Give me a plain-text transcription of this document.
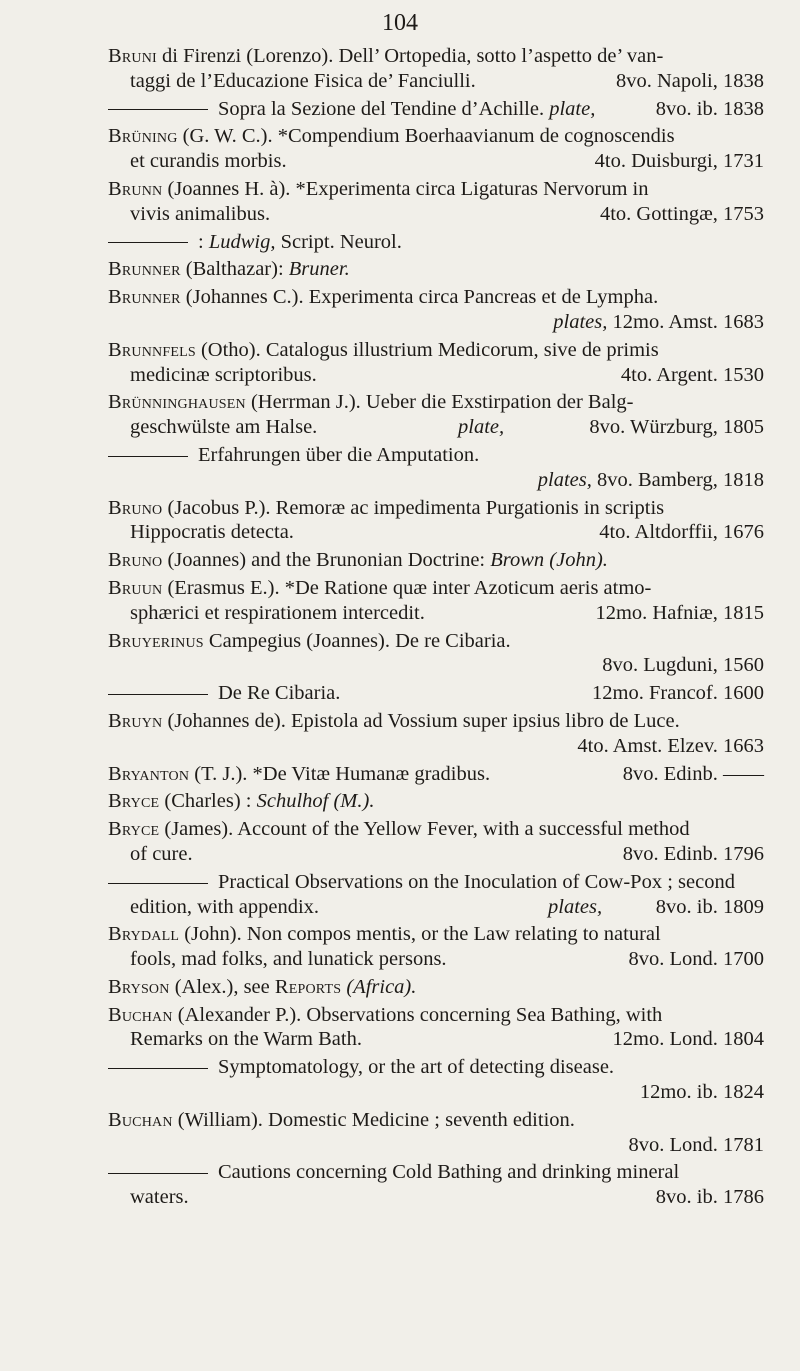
104
Bruni di Firenzi (Lorenzo). Dell’ Ortopedia, sotto l’aspetto de’ van-
taggi de l’Educazione Fisica de’ Fanciulli.	8vo. Napoli, 1838
Sopra la Sezione del Tendine d’Achille. plate,	8vo. ib. 1838
Brüning (G. W. C.). *Compendium Boerhaavianum de cognoscendis
et curandis morbis.	4to. Duisburgi, 1731
Brunn (Joannes H. à). *Experimenta circa Ligaturas Nervorum in
vivis animalibus.	4to. Gottingæ, 1753
: Ludwig, Script. Neurol.
Brunner (Balthazar): Bruner.
Brunner (Johannes C.). Experimenta circa Pancreas et de Lympha.
plates, 12mo. Amst. 1683
Brunnfels (Otho). Catalogus illustrium Medicorum, sive de primis
medicinæ scriptoribus.	4to. Argent. 1530
Brünninghausen (Herrman J.). Ueber die Exstirpation der Balg-
geschwülste am Halse.	plate,	8vo. Würzburg, 1805
Erfahrungen über die Amputation.
plates, 8vo. Bamberg, 1818
Bruno (Jacobus P.). Remoræ ac impedimenta Purgationis in scriptis
Hippocratis detecta.	4to. Altdorffii, 1676
Bruno (Joannes) and the Brunonian Doctrine: Brown (John).
Bruun (Erasmus E.). *De Ratione quæ inter Azoticum aeris atmo-
sphærici et respirationem intercedit.	12mo. Hafniæ, 1815
Bruyerinus Campegius (Joannes). De re Cibaria.
8vo. Lugduni, 1560
De Re Cibaria.	12mo. Francof. 1600
Bruyn (Johannes de). Epistola ad Vossium super ipsius libro de Luce.
4to. Amst. Elzev. 1663
Bryanton (T. J.). *De Vitæ Humanæ gradibus.	8vo. Edinb. ——
Bryce (Charles) : Schulhof (M.).
Bryce (James). Account of the Yellow Fever, with a successful method
of cure.	8vo. Edinb. 1796
Practical Observations on the Inoculation of Cow-Pox ; second
edition, with appendix.	plates,	8vo. ib. 1809
Brydall (John). Non compos mentis, or the Law relating to natural
fools, mad folks, and lunatick persons.	8vo. Lond. 1700
Bryson (Alex.), see Reports (Africa).
Buchan (Alexander P.). Observations concerning Sea Bathing, with
Remarks on the Warm Bath.	12mo. Lond. 1804
Symptomatology, or the art of detecting disease.
12mo. ib. 1824
Buchan (William). Domestic Medicine ; seventh edition.
8vo. Lond. 1781
Cautions concerning Cold Bathing and drinking mineral
waters.	8vo. ib. 1786
